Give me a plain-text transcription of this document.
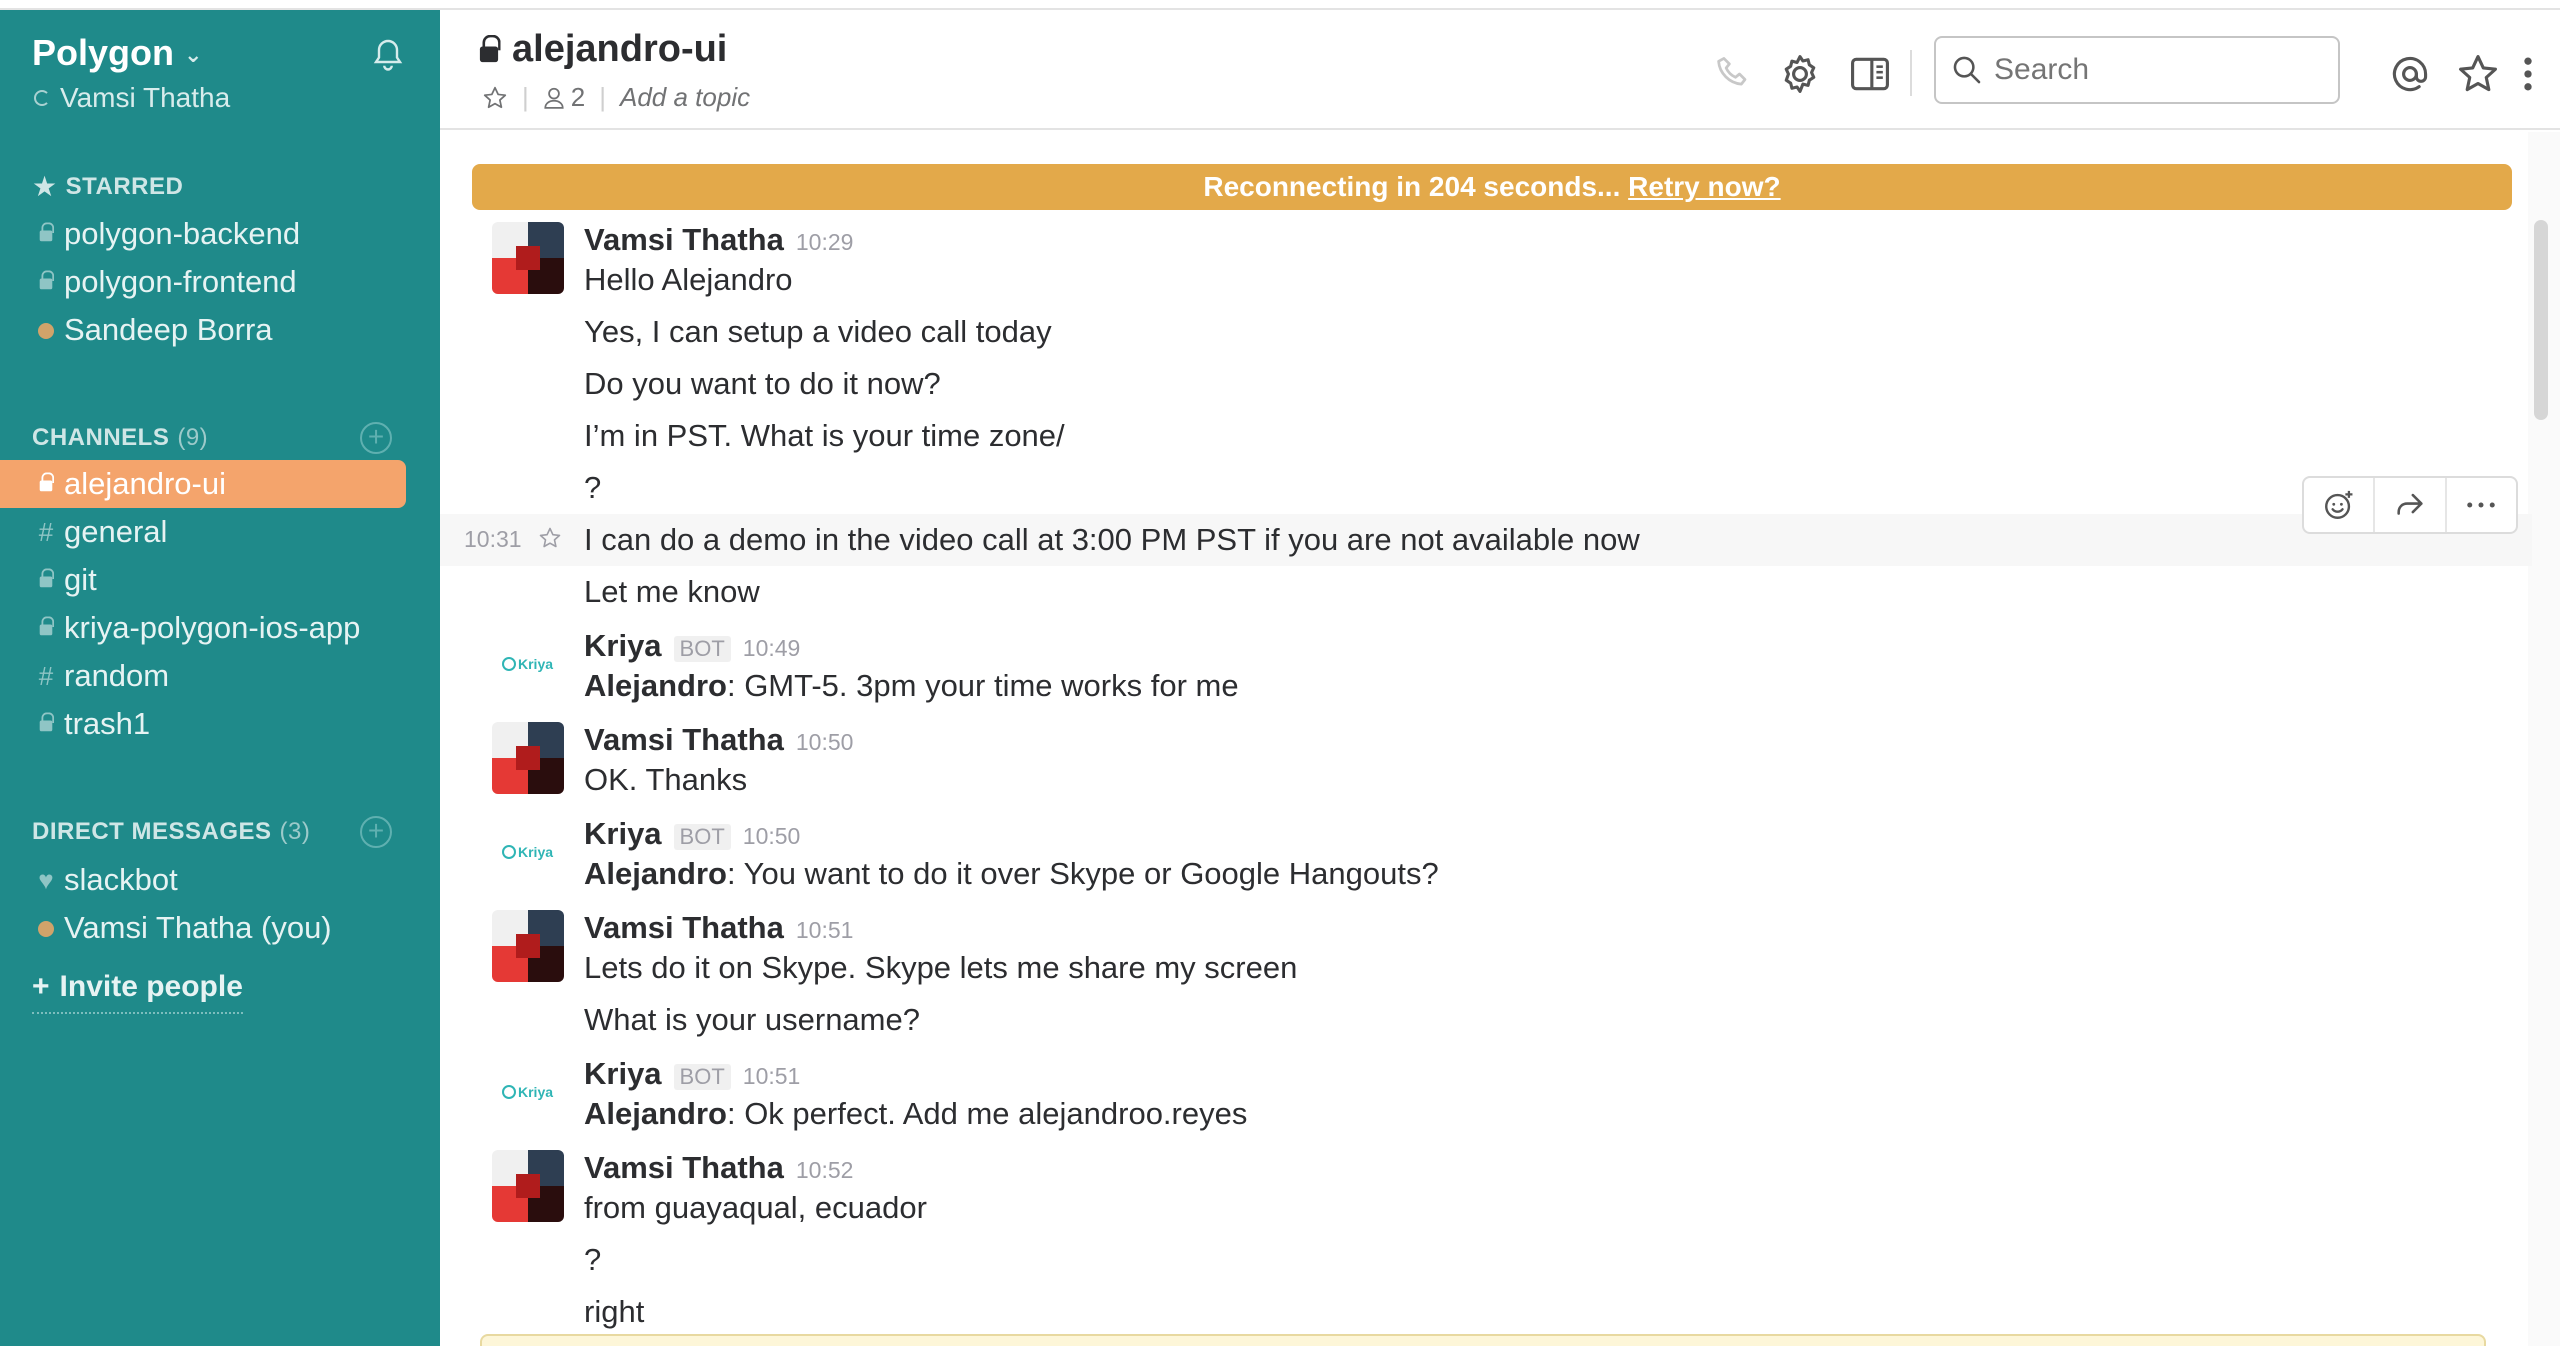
Polygon ⌄
Vamsi Thatha
★ STARRED
polygon-backend
polygon-frontend
Sandeep Borra
CHANNELS (9)	+
alejandro-ui
# general
git
kriya-polygon-ios-app
# random
trash1
DIRECT MESSAGES (3) +
♥ slackbot
Vamsi Thatha (you)
+ Invite people
alejandro-ui
| 2 | Add a topic
Search
Reconnecting in 204 seconds... Retry now?
Vamsi Thatha 10:29
Hello Alejandro
Yes, I can setup a video call today
Do you want to do it now?
I’m in PST. What is your time zone/
?
10:31 I can do a demo in the video call at 3:00 PM PST if you are not available now
Let me know
Kriya
Kriya BOT 10:49
Alejandro: GMT-5. 3pm your time works for me
Vamsi Thatha 10:50
OK. Thanks
Kriya
Kriya BOT 10:50
Alejandro: You want to do it over Skype or Google Hangouts?
Vamsi Thatha 10:51
Lets do it on Skype. Skype lets me share my screen
What is your username?
Kriya
Kriya BOT 10:51
Alejandro: Ok perfect. Add me alejandroo.reyes
Vamsi Thatha 10:52
from guayaqual, ecuador
?
right
